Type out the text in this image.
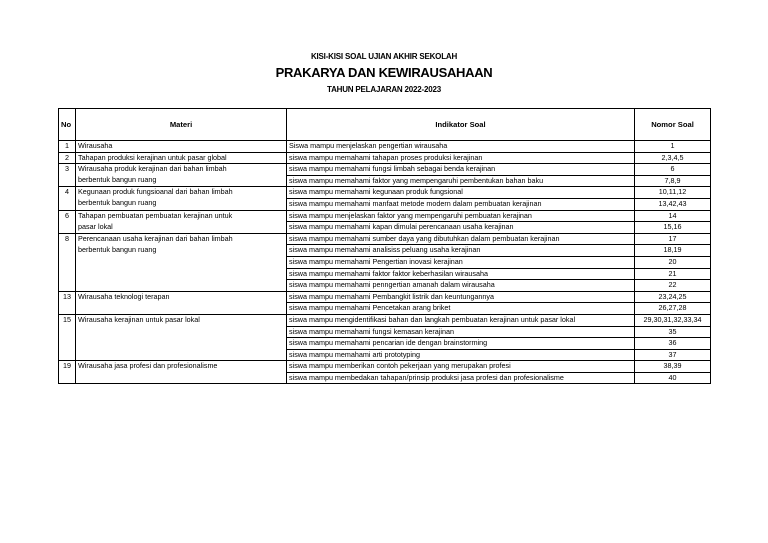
KISI-KISI SOAL UJIAN AKHIR SEKOLAH
PRAKARYA DAN KEWIRAUSAHAAN
TAHUN PELAJARAN 2022-2023
No	Materi	Indikator Soal	Nomor Soal
1	Wirausaha	Siswa mampu menjelaskan pengertian wirausaha	1
2	Tahapan produksi kerajinan untuk pasar global	siswa mampu memahami tahapan proses produksi kerajinan	2,3,4,5
3	Wirausaha produk kerajinan dari bahan limbah	siswa mampu memahami fungsi limbah sebagai benda kerajinan	6
	berbentuk bangun ruang	siswa mampu memahami faktor yang mempengaruhi pembentukan bahan baku	7,8,9
4	Kegunaan produk fungsioanal dari bahan limbah	siswa mampu memahami kegunaan produk fungsional	10,11,12
	berbentuk bangun ruang	siswa mampu memahami manfaat metode modern dalam pembuatan kerajinan	13,42,43
6	Tahapan pembuatan pembuatan kerajinan untuk	siswa mampu menjelaskan faktor yang mempengaruhi pembuatan kerajinan	14
	pasar lokal	siswa mampu memahami kapan dimulai perencanaan usaha kerajinan	15,16
8	Perencanaan usaha kerajinan dari bahan limbah	siswa mampu memahami sumber daya yang dibutuhkan dalam pembuatan kerajinan	17
	berbentuk bangun ruang	siswa mampu memahami analisiss peluang usaha kerajinan	18,19
		siswa mampu memahami Pengertian inovasi kerajinan	20
		siswa mampu memahami faktor faktor keberhasilan wirausaha	21
		siswa mampu memahami penngertian amanah dalam wirausaha	22
13	Wirausaha teknologi terapan	siswa mampu memahami Pembangkit listrik dan keuntungannya	23,24,25
		siswa mampu memahami Pencetakan arang briket	26,27,28
15	Wirausaha kerajinan untuk pasar lokal	siswa mampu mengidentifikasi bahan dan langkah pembuatan kerajinan untuk pasar lokal	29,30,31,32,33,34
		siswa mampu memahami fungsi kemasan kerajinan	35
		siswa mampu memahami pencarian ide dengan brainstorming	36
		siswa mampu memahami arti prototyping	37
19	Wirausaha jasa profesi dan profesionalisme	siswa mampu memberikan contoh pekerjaan yang merupakan profesi	38,39
		siswa mampu membedakan tahapan/prinsip produksi jasa profesi dan profesionalisme	40
